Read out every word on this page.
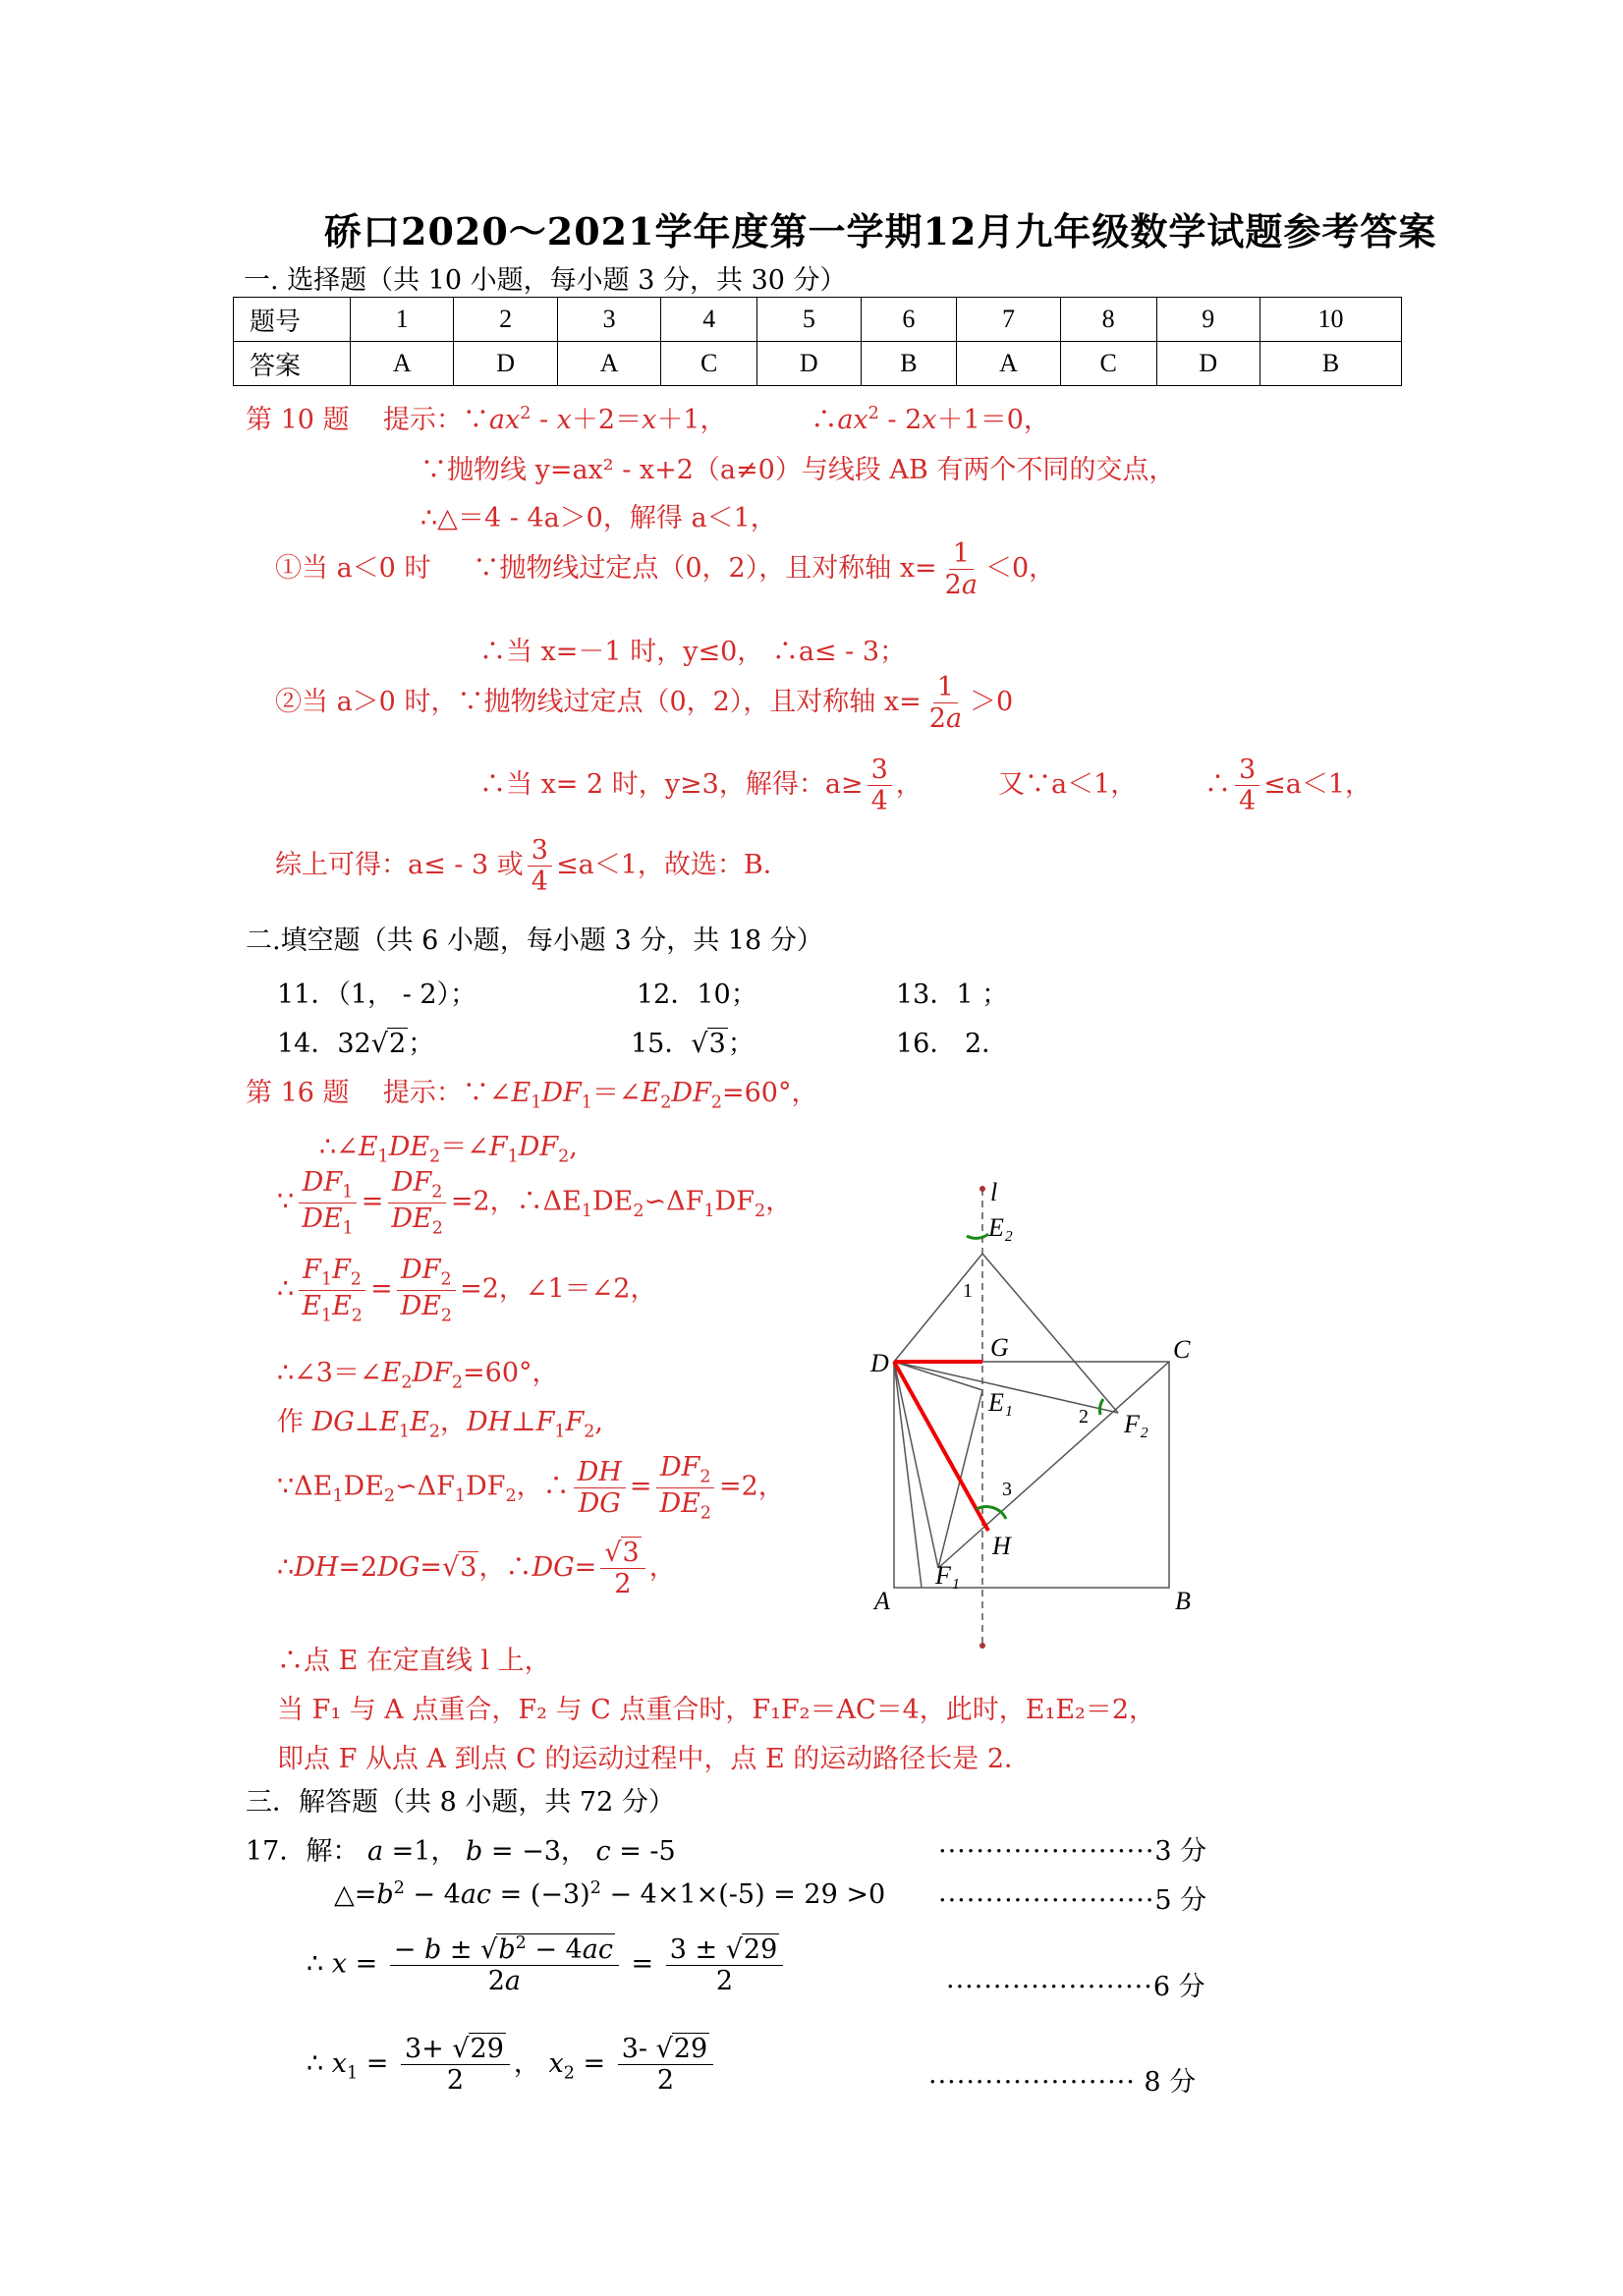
硚口2020～2021学年度第一学期12月九年级数学试题参考答案
一. 选择题（共 10 小题，每小题 3 分，共 30 分）
题号	1	2	3	4	5	6	7	8	9	10
答案	A	D	A	C	D	B	A	C	D	B
第 10 题 提示：$\because ax^2 - x+2=x+1$，          $\therefore ax^2 - 2x+1=0$，
∵抛物线 y=ax² - x+2（a≠0）与线段 AB 有两个不同的交点，
∴△＝4 - 4a＞0，解得 a＜1，
①当 a＜0 时 ∵抛物线过定点（0，2），且对称轴 $x= \frac{1}{2a} <0$，
∴当 x=－1 时，y≤0， ∴a≤ - 3；
②当 a＞0 时，∵抛物线过定点（0，2），且对称轴 $x= \frac{1}{2a} >0$
∴当 x= 2 时，y≥3，解得：$a\ge \frac{3}{4}$ ，	又∵a＜1，        ∴ $\frac{3}{4} \le a<1$，
综上可得：a≤ - 3 或 $\frac{3}{4} \le a<1$，故选：B．
二.填空题（共 6 小题，每小题 3 分，共 18 分）
11．（1， - 2）；	12．10；	13．1 ；
14．32√2；	15．√3；	16． 2．
第 16 题 提示：$\because\angle E_1DF_1=\angle E_2DF_2=60^\circ$，
$\therefore\angle E_1DE_2=\angle F_1DF_2$,
∵ $\frac{DF_1}{DE_1} = \frac{DF_2}{DE_2} =2$，$\therefore\Delta E_1DE_2∽\Delta F_1DF_2$，
∴ $\frac{F_1F_2}{E_1E_2} = \frac{DF_2}{DE_2} =2$，∠1＝∠2，
$\therefore\angle 3=\angle E_2DF_2=60^\circ$，
作 $DG\perp E_1E_2$，$DH\perp F_1F_2$,
$\because\Delta E_1DE_2∽\Delta F_1DF_2$，∴ $\frac{DH}{DG} = \frac{DF_2}{DE_2} =2$，
∴DH=2DG=√3，∴DG= $\frac{√3}{2}$ ，
∴点 E 在定直线 l 上，
当 F₁ 与 A 点重合，F₂ 与 C 点重合时，F₁F₂＝AC＝4，此时，E₁E₂＝2，
即点 F 从点 A 到点 C 的运动过程中，点 E 的运动路径长是 2．
l
E₂
1
D
G	C
E₁	2 F₂
3
H
F₁
A	B
三．解答题（共 8 小题，共 72 分）
17．解： a =1， b = −3， c = -5	·······················3 分
$\triangle=b^2 - 4ac = (-3)^2 - 4\times 1\times(-5) = 29 >0 \cdot\cdot\cdot\cdot\cdot\cdot\cdot\cdot\cdot\cdot\cdot\cdot\cdot\cdot\cdot\cdot\cdot\cdot\cdot\cdot\cdot\cdot\cdot 5$ 分
∴ $x = \frac{- b \pm √b^2 - 4ac}{2a} = \frac{3 \pm √29}{2}$	······················6 分
∴ $x_1 = \frac{3+ √29}{2}$ ， $x_2 = \frac{3- √29}{2}$	······················ 8 分
